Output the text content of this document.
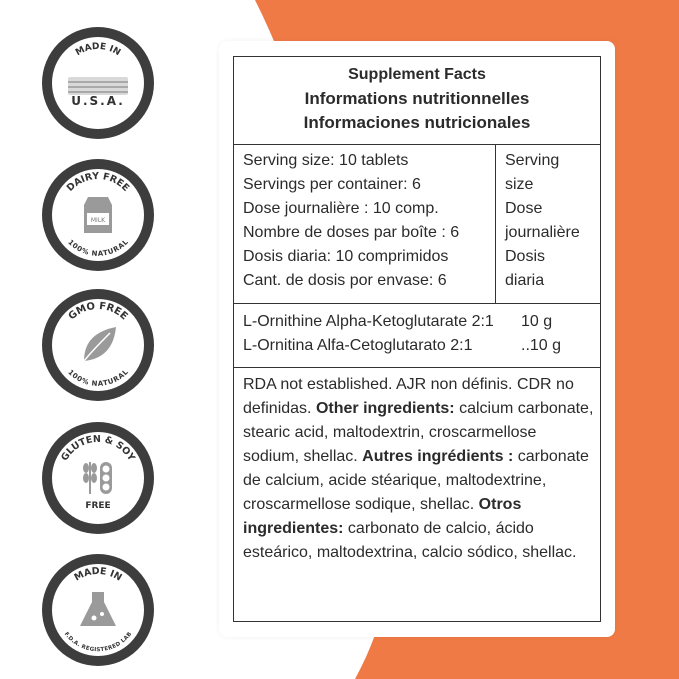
MADE IN
U.S.A.
DAIRY FREE
MILK
100% NATURAL
GMO FREE
100% NATURAL
GLUTEN & SOY
FREE
MADE IN
F.D.A. REGISTERED LAB
Supplement Facts
Informations nutritionnelles
Informaciones nutricionales
Serving size: 10 tablets
Servings per container: 6
Dose journalière : 10 comp.
Nombre de doses par boîte : 6
Dosis diaria: 10 comprimidos
Cant. de dosis por envase: 6
Serving
size
Dose
journalière
Dosis
diaria
L-Ornithine Alpha-Ketoglutarate 2:1	10 g
L-Ornitina Alfa-Cetoglutarato 2:1	..10 g
RDA not established. AJR non définis. CDR no definidas. Other ingredients: calcium carbonate, stearic acid, maltodextrin, croscarmellose sodium, shellac. Autres ingrédients : carbonate de calcium, acide stéarique, maltodextrine, croscarmellose sodique, shellac. Otros ingredientes: carbonato de calcio, ácido esteárico, maltodextrina, calcio sódico, shellac.
